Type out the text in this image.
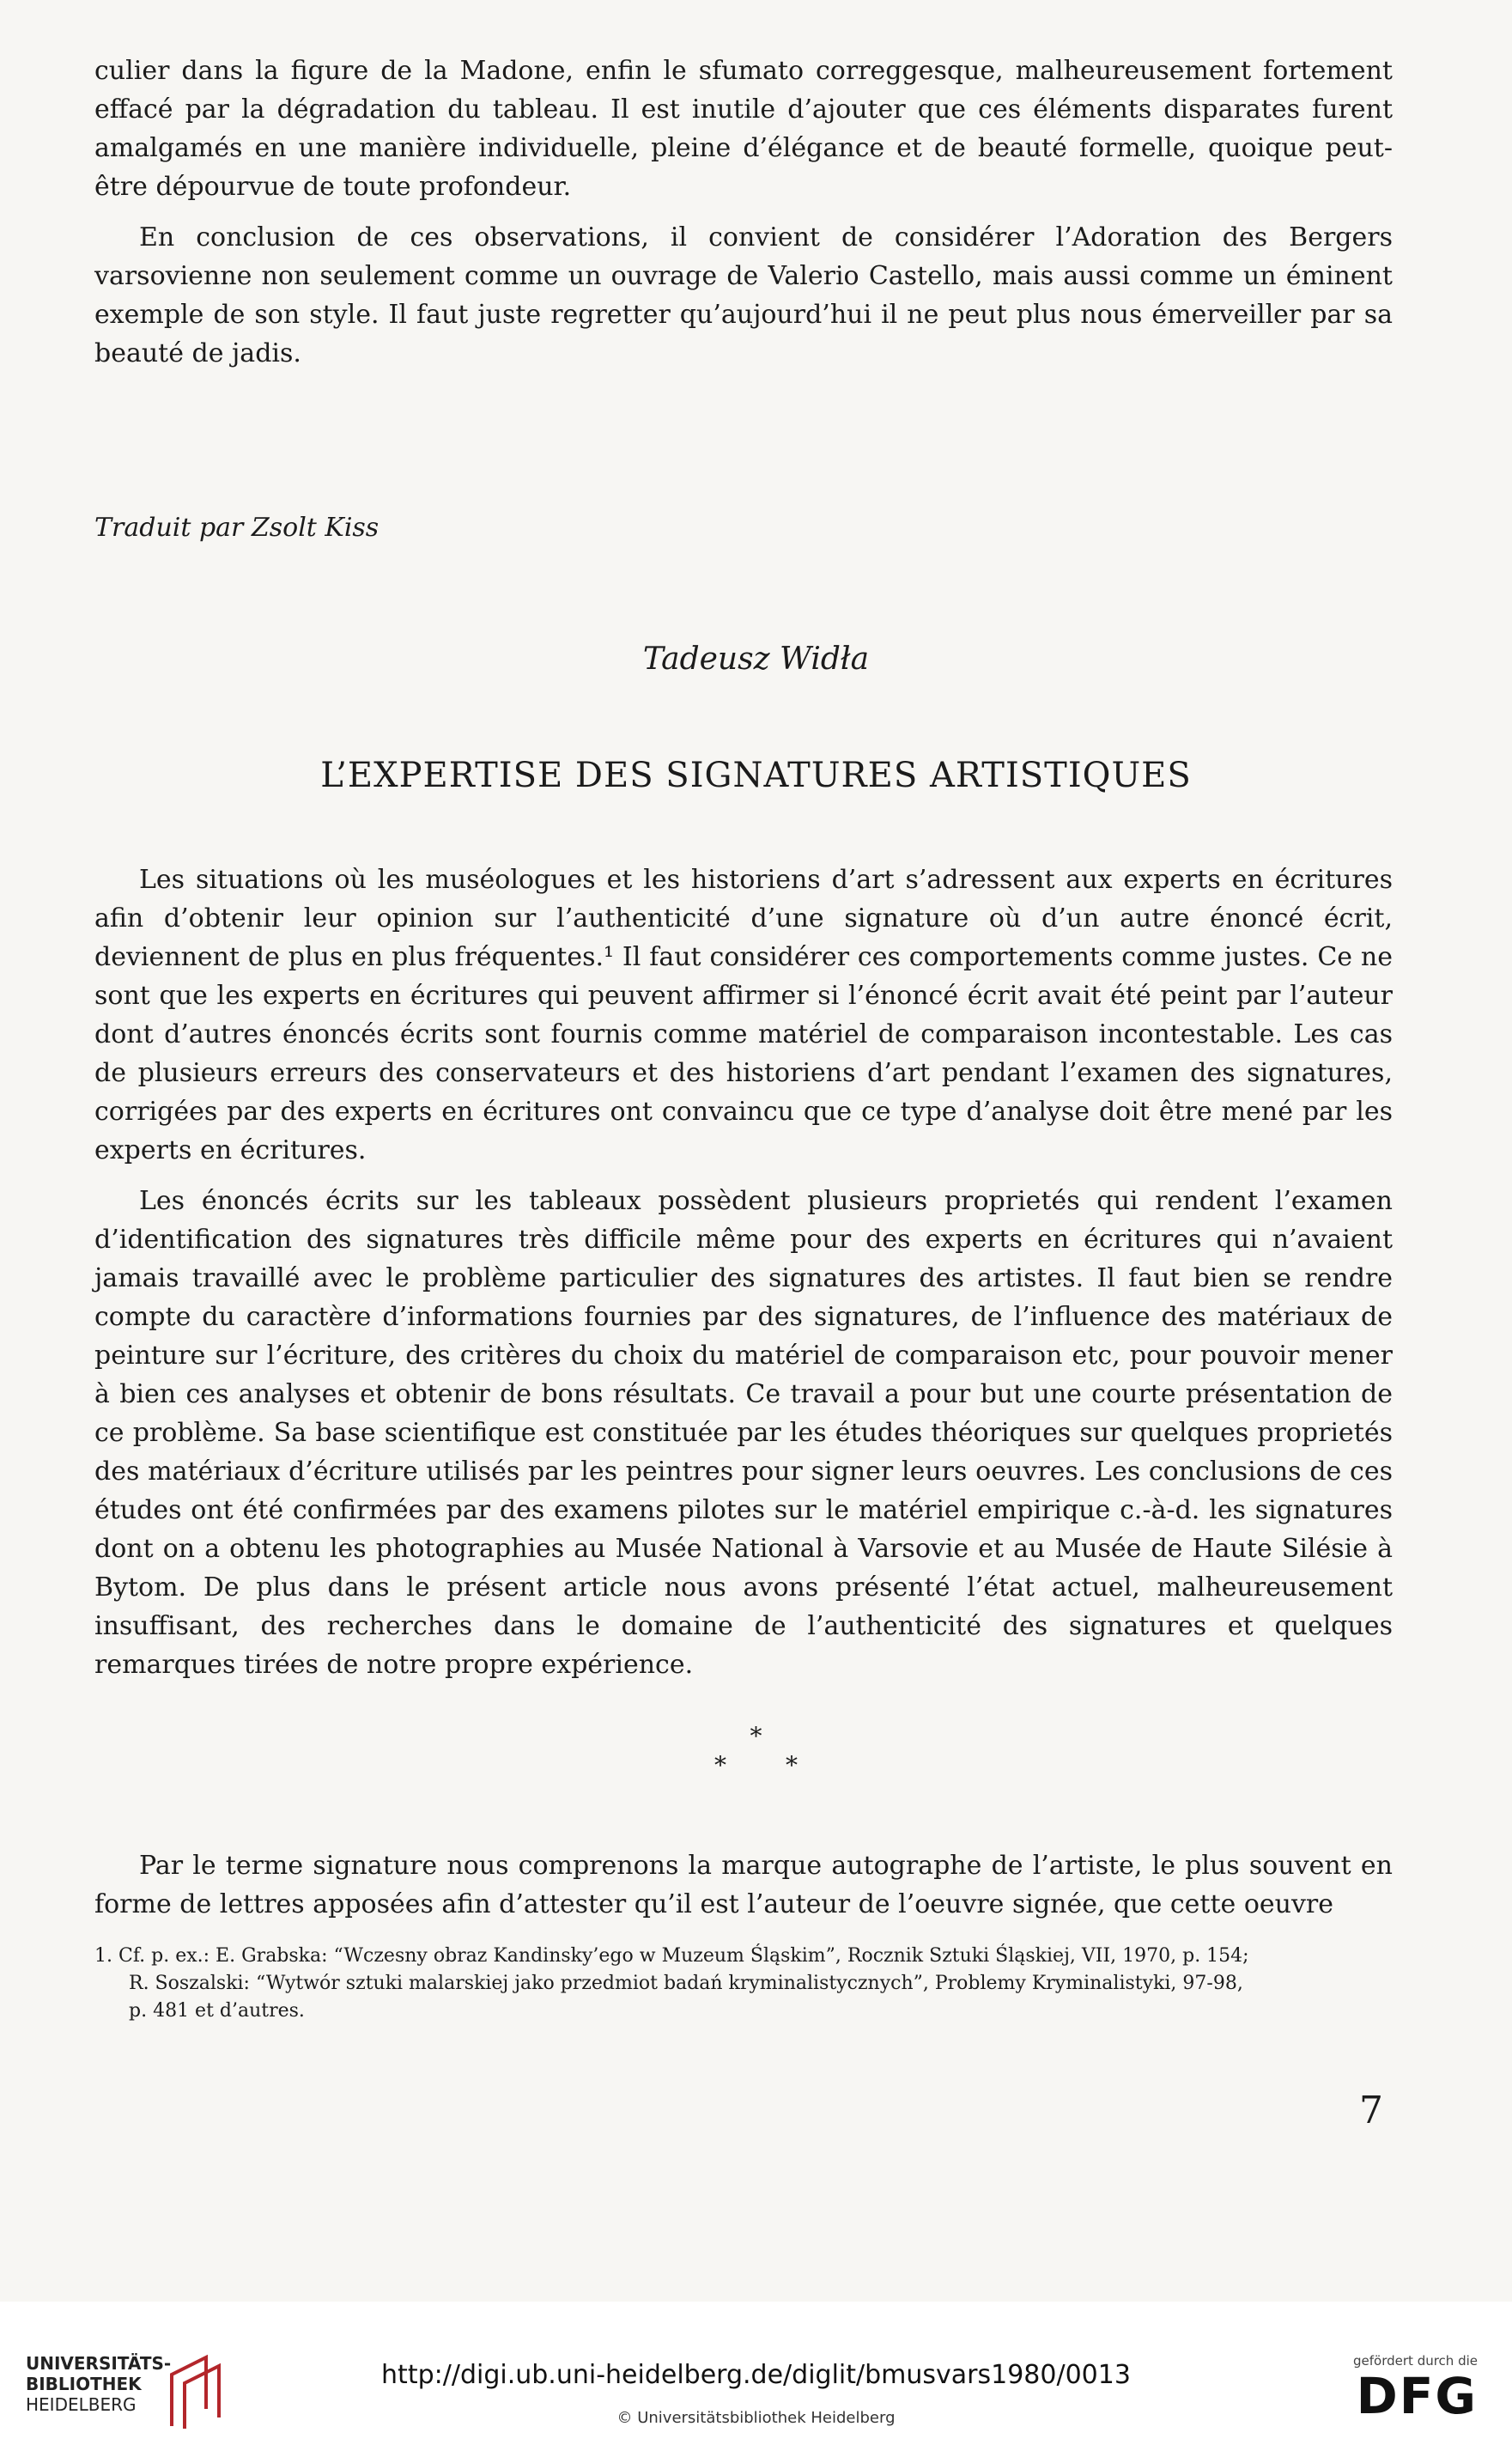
culier dans la figure de la Madone, enfin le sfumato correggesque, malheureusement fortement effacé par la dégradation du tableau. Il est inutile d’ajouter que ces éléments disparates furent amalgamés en une manière individuelle, pleine d’élégance et de beauté formelle, quoique peut-être dépourvue de toute profondeur.

En conclusion de ces observations, il convient de considérer l’Adoration des Bergers varsovienne non seulement comme un ouvrage de Valerio Castello, mais aussi comme un éminent exemple de son style. Il faut juste regretter qu’aujourd’hui il ne peut plus nous émerveiller par sa beauté de jadis.

Traduit par Zsolt Kiss
Tadeusz Widła
L’EXPERTISE DES SIGNATURES ARTISTIQUES

Les situations où les muséologues et les historiens d’art s’adressent aux experts en écritures afin d’obtenir leur opinion sur l’authenticité d’une signature où d’un autre énoncé écrit, deviennent de plus en plus fréquentes.¹ Il faut considérer ces comportements comme justes. Ce ne sont que les experts en écritures qui peuvent affirmer si l’énoncé écrit avait été peint par l’auteur dont d’autres énoncés écrits sont fournis comme matériel de comparaison incontestable. Les cas de plusieurs erreurs des conservateurs et des historiens d’art pendant l’examen des signatures, corrigées par des experts en écritures ont convaincu que ce type d’analyse doit être mené par les experts en écritures.

Les énoncés écrits sur les tableaux possèdent plusieurs proprietés qui rendent l’examen d’identification des signatures très difficile même pour des experts en écritures qui n’avaient jamais travaillé avec le problème particulier des signatures des artistes. Il faut bien se rendre compte du caractère d’informations fournies par des signatures, de l’influence des matériaux de peinture sur l’écriture, des critères du choix du matériel de comparaison etc, pour pouvoir mener à bien ces analyses et obtenir de bons résultats. Ce travail a pour but une courte présentation de ce problème. Sa base scientifique est constituée par les études théoriques sur quelques proprietés des matériaux d’écriture utilisés par les peintres pour signer leurs oeuvres. Les conclusions de ces études ont été confirmées par des examens pilotes sur le matériel empirique c.-à-d. les signatures dont on a obtenu les photographies au Musée National à Varsovie et au Musée de Haute Silésie à Bytom. De plus dans le présent article nous avons présenté l’état actuel, malheureusement insuffisant, des recherches dans le domaine de l’authenticité des signatures et quelques remarques tirées de notre propre expérience.

*
* *

Par le terme signature nous comprenons la marque autographe de l’artiste, le plus souvent en forme de lettres apposées afin d’attester qu’il est l’auteur de l’oeuvre signée, que cette oeuvre

1. Cf. p. ex.: E. Grabska: “Wczesny obraz Kandinsky’ego w Muzeum Śląskim”, Rocznik Sztuki Śląskiej, VII, 1970, p. 154;
R. Soszalski: “Wytwór sztuki malarskiej jako przedmiot badań kryminalistycznych”, Problemy Kryminalistyki, 97-98,
p. 481 et d’autres.
7
UNIVERSITÄTS-
BIBLIOTHEK
HEIDELBERG
http://digi.ub.uni-heidelberg.de/diglit/bmusvars1980/0013
© Universitätsbibliothek Heidelberg
gefördert durch die
DFG
